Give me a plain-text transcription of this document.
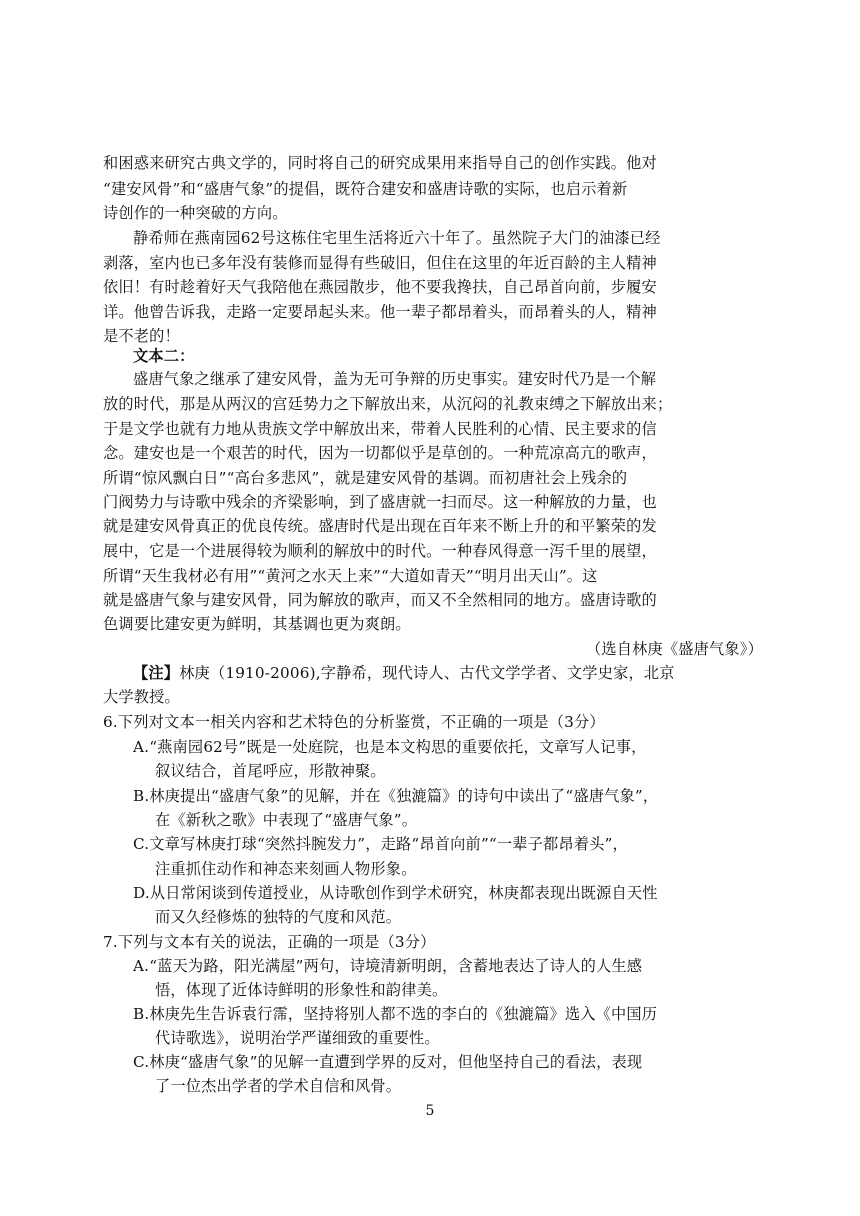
和困惑来研究古典文学的，同时将自己的研究成果用来指导自己的创作实践。他对
“建安风骨”和“盛唐气象”的提倡，既符合建安和盛唐诗歌的实际，也启示着新
诗创作的一种突破的方向。
静希师在燕南园62号这栋住宅里生活将近六十年了。虽然院子大门的油漆已经
剥落，室内也已多年没有装修而显得有些破旧，但住在这里的年近百龄的主人精神
依旧！有时趁着好天气我陪他在燕园散步，他不要我搀扶，自己昂首向前，步履安
详。他曾告诉我，走路一定要昂起头来。他一辈子都昂着头，而昂着头的人，精神
是不老的！
文本二：
盛唐气象之继承了建安风骨，盖为无可争辩的历史事实。建安时代乃是一个解
放的时代，那是从两汉的宫廷势力之下解放出来，从沉闷的礼教束缚之下解放出来；
于是文学也就有力地从贵族文学中解放出来，带着人民胜利的心情、民主要求的信
念。建安也是一个艰苦的时代，因为一切都似乎是草创的。一种荒凉高亢的歌声，
所谓“惊风飘白日”“高台多悲风”，就是建安风骨的基调。而初唐社会上残余的
门阀势力与诗歌中残余的齐梁影响，到了盛唐就一扫而尽。这一种解放的力量，也
就是建安风骨真正的优良传统。盛唐时代是出现在百年来不断上升的和平繁荣的发
展中，它是一个进展得较为顺利的解放中的时代。一种春风得意一泻千里的展望，
所谓“天生我材必有用”“黄河之水天上来”“大道如青天”“明月出天山”。这
就是盛唐气象与建安风骨，同为解放的歌声，而又不全然相同的地方。盛唐诗歌的
色调要比建安更为鲜明，其基调也更为爽朗。
（选自林庚《盛唐气象》）
【注】林庚（1910-2006),字静希，现代诗人、古代文学学者、文学史家，北京
大学教授。
6.下列对文本一相关内容和艺术特色的分析鉴赏，不正确的一项是（3分）
A.“燕南园62号”既是一处庭院，也是本文构思的重要依托，文章写人记事，
叙议结合，首尾呼应，形散神聚。
B.林庚提出“盛唐气象”的见解，并在《独漉篇》的诗句中读出了“盛唐气象”，
在《新秋之歌》中表现了“盛唐气象”。
C.文章写林庚打球“突然抖腕发力”，走路“昂首向前”“一辈子都昂着头”，
注重抓住动作和神态来刻画人物形象。
D.从日常闲谈到传道授业，从诗歌创作到学术研究，林庚都表现出既源自天性
而又久经修炼的独特的气度和风范。
7.下列与文本有关的说法，正确的一项是（3分）
A.“蓝天为路，阳光满屋”两句，诗境清新明朗，含蓄地表达了诗人的人生感
悟，体现了近体诗鲜明的形象性和韵律美。
B.林庚先生告诉袁行霈，坚持将别人都不选的李白的《独漉篇》选入《中国历
代诗歌选》，说明治学严谨细致的重要性。
C.林庚“盛唐气象”的见解一直遭到学界的反对，但他坚持自己的看法，表现
了一位杰出学者的学术自信和风骨。
5
